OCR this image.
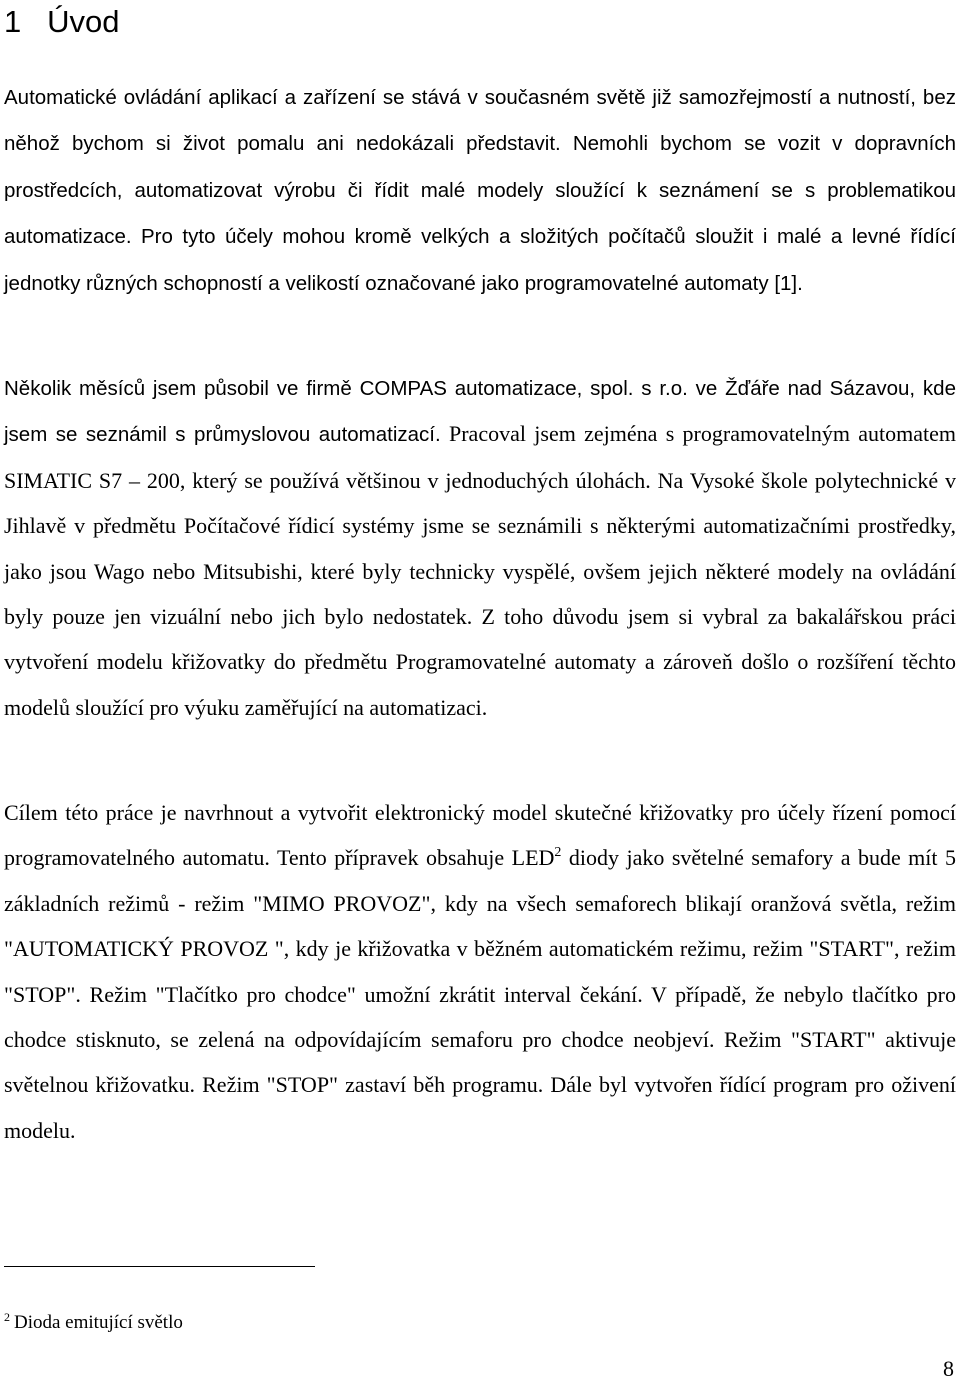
1 Úvod

Automatické ovládání aplikací a zařízení se stává v současném světě již samozřejmostí a nutností, bez něhož bychom si život pomalu ani nedokázali představit. Nemohli bychom se vozit v dopravních prostředcích, automatizovat výrobu či řídit malé modely sloužící k seznámení se s problematikou automatizace. Pro tyto účely mohou kromě velkých a složitých počítačů sloužit i malé a levné řídící jednotky různých schopností a velikostí označované jako programovatelné automaty [1].

Několik měsíců jsem působil ve firmě COMPAS automatizace, spol. s r.o. ve Žďáře nad Sázavou, kde jsem se seznámil s průmyslovou automatizací. Pracoval jsem zejména s programovatelným automatem SIMATIC S7 – 200, který se používá většinou v jednoduchých úlohách. Na Vysoké škole polytechnické v Jihlavě v předmětu Počítačové řídicí systémy jsme se seznámili s některými automatizačními prostředky, jako jsou Wago nebo Mitsubishi, které byly technicky vyspělé, ovšem jejich některé modely na ovládání byly pouze jen vizuální nebo jich bylo nedostatek. Z toho důvodu jsem si vybral za bakalářskou práci vytvoření modelu křižovatky do předmětu Programovatelné automaty a zároveň došlo o rozšíření těchto modelů sloužící pro výuku zaměřující na automatizaci.

Cílem této práce je navrhnout a vytvořit elektronický model skutečné křižovatky pro účely řízení pomocí programovatelného automatu. Tento přípravek obsahuje LED$^2$ diody jako světelné semafory a bude mít 5 základních režimů - režim "MIMO PROVOZ", kdy na všech semaforech blikají oranžová světla, režim "AUTOMATICKÝ PROVOZ ", kdy je křižovatka v běžném automatickém režimu, režim "START", režim "STOP". Režim "Tlačítko pro chodce" umožní zkrátit interval čekání. V případě, že nebylo tlačítko pro chodce stisknuto, se zelená na odpovídajícím semaforu pro chodce neobjeví. Režim "START" aktivuje světelnou křižovatku. Režim "STOP" zastaví běh programu. Dále byl vytvořen řídící program pro oživení modelu.

$^2$ Dioda emitující světlo
8
